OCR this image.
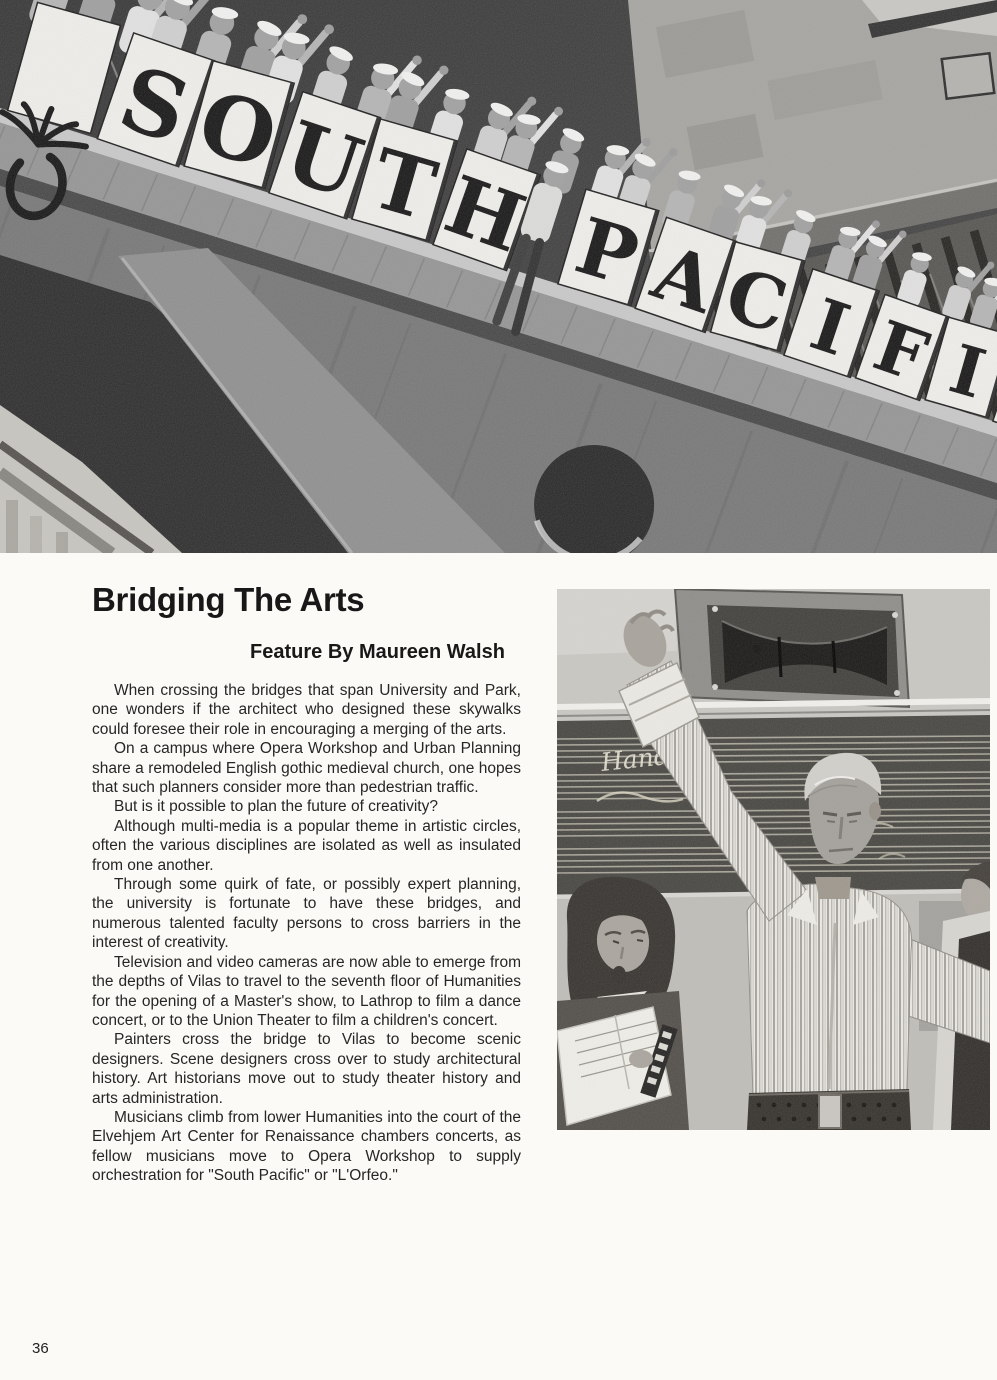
Bridging The Arts
Feature By Maureen Walsh

When crossing the bridges that span University and Park, one wonders if the architect who designed these skywalks could foresee their role in encouraging a merging of the arts.

On a campus where Opera Workshop and Urban Planning share a remodeled English gothic medieval church, one hopes that such planners consider more than pedestrian traffic.

But is it possible to plan the future of creativity?

Although multi-media is a popular theme in artistic circles, often the various disciplines are isolated as well as insulated from one another.

Through some quirk of fate, or possibly expert planning, the university is fortunate to have these bridges, and numerous talented faculty persons to cross barriers in the interest of creativity.

Television and video cameras are now able to emerge from the depths of Vilas to travel to the seventh floor of Humanities for the opening of a Master's show, to Lathrop to film a dance concert, or to the Union Theater to film a children's concert.

Painters cross the bridge to Vilas to become scenic designers. Scene designers cross over to study architectural history. Art historians move out to study theater history and arts administration.

Musicians climb from lower Humanities into the court of the Elvehjem Art Center for Renaissance chambers concerts, as fellow musicians move to Opera Workshop to supply orchestration for "South Pacific" or "L'Orfeo."

36
